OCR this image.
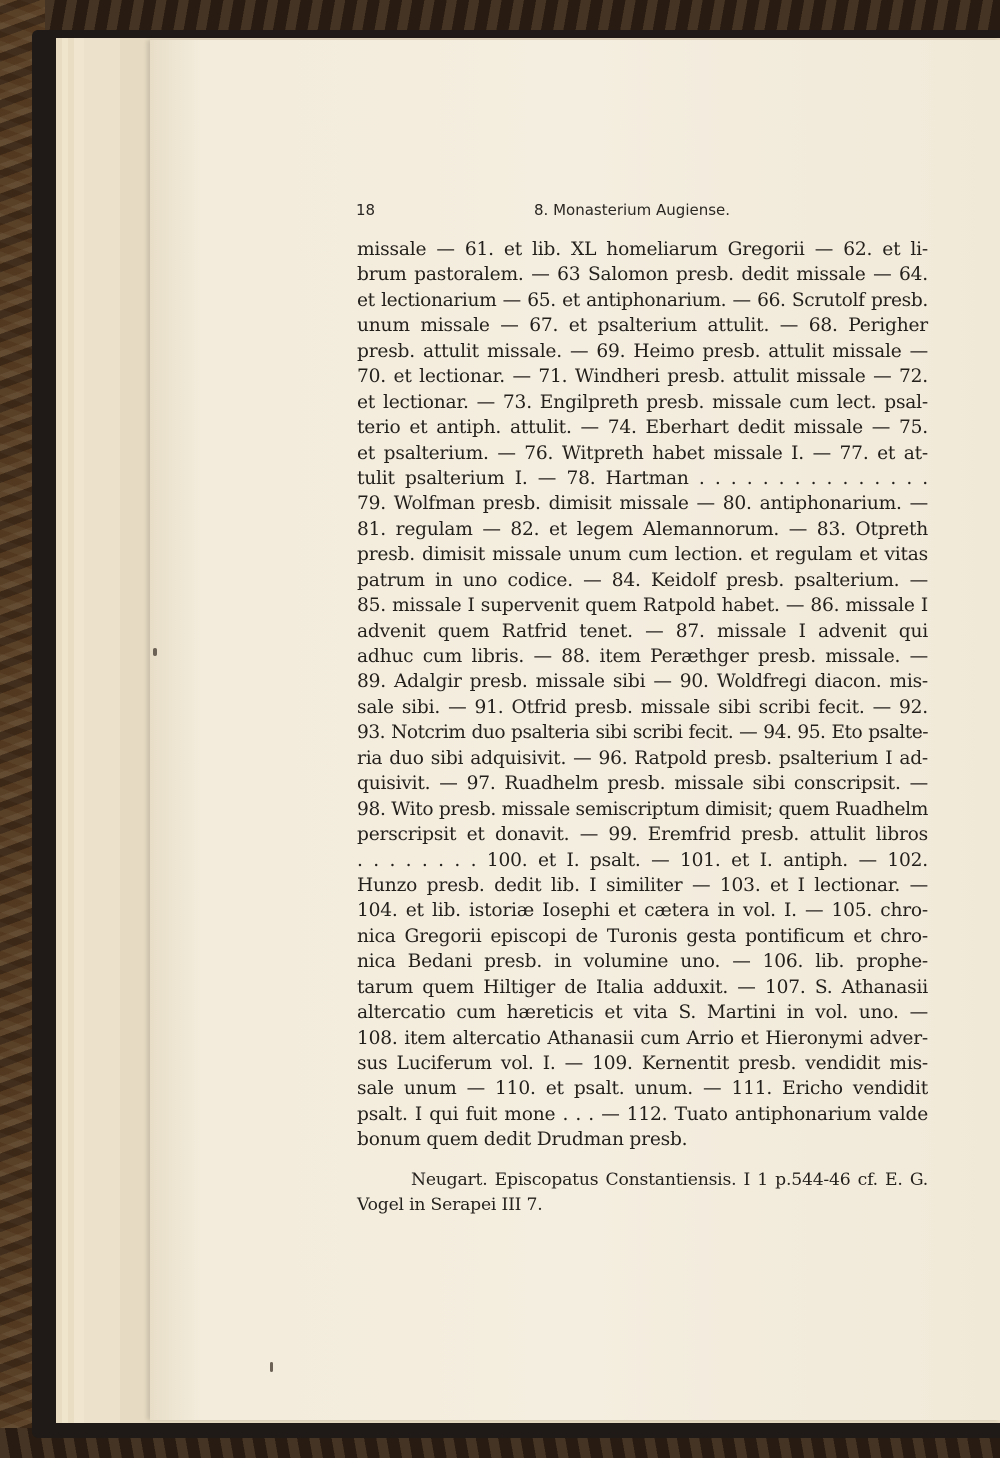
18	8. Monasterium Augiense.
missale — 61. et lib. XL homeliarum Gregorii — 62. et li-
brum pastoralem. — 63 Salomon presb. dedit missale — 64.
et lectionarium — 65. et antiphonarium. — 66. Scrutolf presb.
unum missale — 67. et psalterium attulit. — 68. Perigher
presb. attulit missale. — 69. Heimo presb. attulit missale —
70. et lectionar. — 71. Windheri presb. attulit missale — 72.
et lectionar. — 73. Engilpreth presb. missale cum lect. psal-
terio et antiph. attulit. — 74. Eberhart dedit missale — 75.
et psalterium. — 76. Witpreth habet missale I. — 77. et at-
tulit psalterium I. — 78. Hartman . . . . . . . . . . . . . . .
79. Wolfman presb. dimisit missale — 80. antiphonarium. —
81. regulam — 82. et legem Alemannorum. — 83. Otpreth
presb. dimisit missale unum cum lection. et regulam et vitas
patrum in uno codice. — 84. Keidolf presb. psalterium. —
85. missale I supervenit quem Ratpold habet. — 86. missale I
advenit quem Ratfrid tenet. — 87. missale I advenit qui
adhuc cum libris. — 88. item Peræthger presb. missale. —
89. Adalgir presb. missale sibi — 90. Woldfregi diacon. mis-
sale sibi. — 91. Otfrid presb. missale sibi scribi fecit. — 92.
93. Notcrim duo psalteria sibi scribi fecit. — 94. 95. Eto psalte-
ria duo sibi adquisivit. — 96. Ratpold presb. psalterium I ad-
quisivit. — 97. Ruadhelm presb. missale sibi conscripsit. —
98. Wito presb. missale semiscriptum dimisit; quem Ruadhelm
perscripsit et donavit. — 99. Eremfrid presb. attulit libros
. . . . . . . . 100. et I. psalt. — 101. et I. antiph. — 102.
Hunzo presb. dedit lib. I similiter — 103. et I lectionar. —
104. et lib. istoriæ Iosephi et cætera in vol. I. — 105. chro-
nica Gregorii episcopi de Turonis gesta pontificum et chro-
nica Bedani presb. in volumine uno. — 106. lib. prophe-
tarum quem Hiltiger de Italia adduxit. — 107. S. Athanasii
altercatio cum hæreticis et vita S. Martini in vol. uno. —
108. item altercatio Athanasii cum Arrio et Hieronymi adver-
sus Luciferum vol. I. — 109. Kernentit presb. vendidit mis-
sale unum — 110. et psalt. unum. — 111. Ericho vendidit
psalt. I qui fuit mone . . . — 112. Tuato antiphonarium valde
bonum quem dedit Drudman presb.
Neugart. Episcopatus Constantiensis. I 1 p.544-46 cf. E. G.
Vogel in Serapei III 7.
